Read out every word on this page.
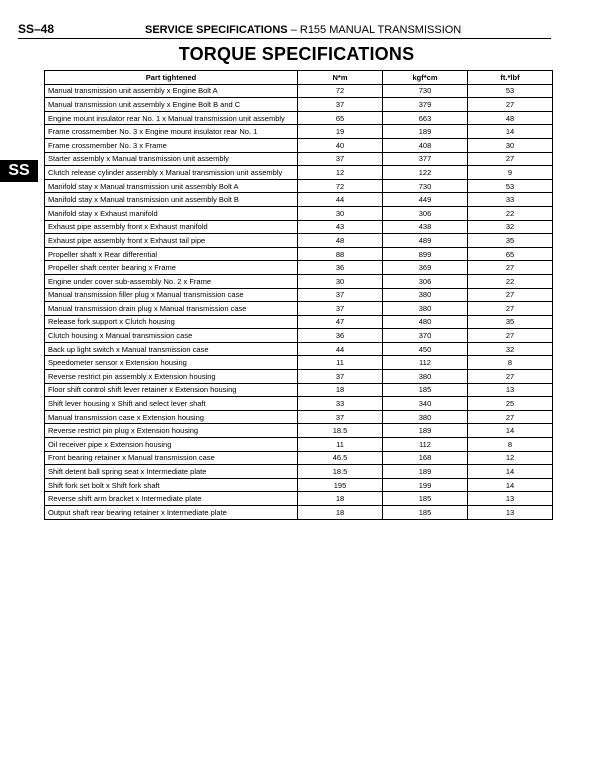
SS–48	SERVICE SPECIFICATIONS – R155 MANUAL TRANSMISSION
TORQUE SPECIFICATIONS
SS
Part tightened	N*m	kgf*cm	ft.*lbf
Manual transmission unit assembly x Engine Bolt A	72	730	53
Manual transmission unit assembly x Engine Bolt B and C	37	379	27
Engine mount insulator rear No. 1 x Manual transmission unit assembly	65	663	48
Frame crossmember No. 3 x Engine mount insulator rear No. 1	19	189	14
Frame crossmember No. 3 x Frame	40	408	30
Starter assembly x Manual transmission unit assembly	37	377	27
Clutch release cylinder assembly x Manual transmission unit assembly	12	122	9
Manifold stay x Manual transmission unit assembly Bolt A	72	730	53
Manifold stay x Manual transmission unit assembly Bolt B	44	449	33
Manifold stay x Exhaust manifold	30	306	22
Exhaust pipe assembly front x Exhaust manifold	43	438	32
Exhaust pipe assembly front x Exhaust tail pipe	48	489	35
Propeller shaft x Rear differential	88	899	65
Propeller shaft center bearing x Frame	36	369	27
Engine under cover sub-assembly No. 2 x Frame	30	306	22
Manual transmission filler plug x Manual transmission case	37	380	27
Manual transmission drain plug x Manual transmission case	37	380	27
Release fork support x Clutch housing	47	480	35
Clutch housing x Manual transmission case	36	370	27
Back up light switch x Manual transmission case	44	450	32
Speedometer sensor x Extension housing	11	112	8
Reverse restrict pin assembly x Extension housing	37	380	27
Floor shift control shift lever retainer x Extension housing	18	185	13
Shift lever housing x Shift and select lever shaft	33	340	25
Manual transmission case x Extension housing	37	380	27
Reverse restrict pin plug x Extension housing	18.5	189	14
Oil receiver pipe x Extension housing	11	112	8
Front bearing retainer x Manual transmission case	46.5	168	12
Shift detent ball spring seat x Intermediate plate	18.5	189	14
Shift fork set bolt x Shift fork shaft	195	199	14
Reverse shift arm bracket x Intermediate plate	18	185	13
Output shaft rear bearing retainer x Intermediate plate	18	185	13
